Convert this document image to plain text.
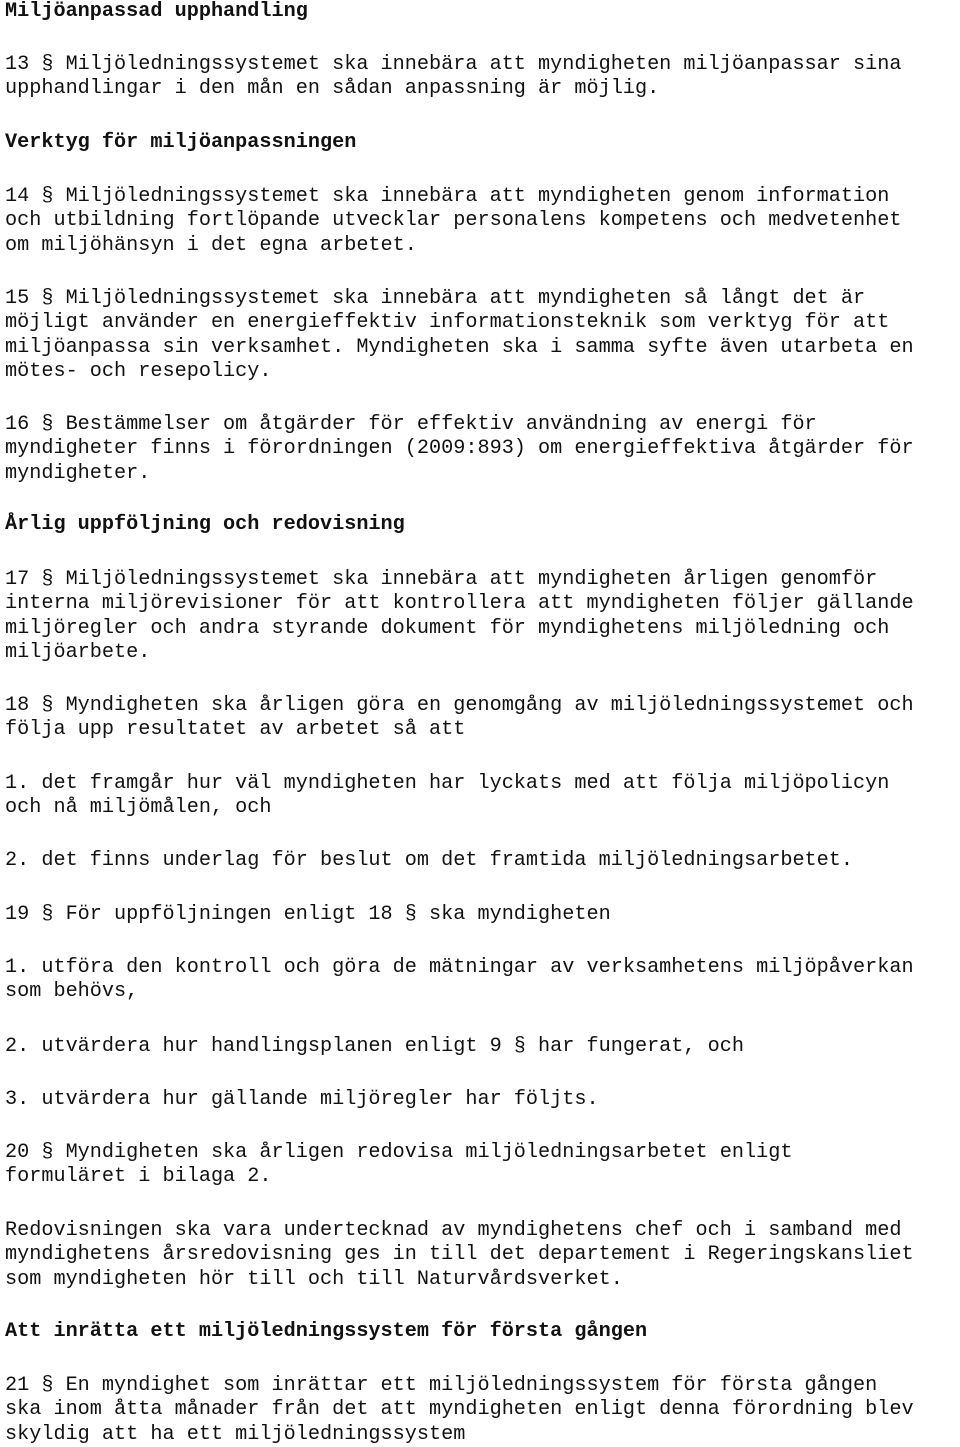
Miljöanpassad upphandling
13 § Miljöledningssystemet ska innebära att myndigheten miljöanpassar sina
upphandlingar i den mån en sådan anpassning är möjlig.
Verktyg för miljöanpassningen
14 § Miljöledningssystemet ska innebära att myndigheten genom information
och utbildning fortlöpande utvecklar personalens kompetens och medvetenhet
om miljöhänsyn i det egna arbetet.
15 § Miljöledningssystemet ska innebära att myndigheten så långt det är
möjligt använder en energieffektiv informationsteknik som verktyg för att
miljöanpassa sin verksamhet. Myndigheten ska i samma syfte även utarbeta en
mötes- och resepolicy.
16 § Bestämmelser om åtgärder för effektiv användning av energi för
myndigheter finns i förordningen (2009:893) om energieffektiva åtgärder för
myndigheter.
Årlig uppföljning och redovisning
17 § Miljöledningssystemet ska innebära att myndigheten årligen genomför
interna miljörevisioner för att kontrollera att myndigheten följer gällande
miljöregler och andra styrande dokument för myndighetens miljöledning och
miljöarbete.
18 § Myndigheten ska årligen göra en genomgång av miljöledningssystemet och
följa upp resultatet av arbetet så att
1. det framgår hur väl myndigheten har lyckats med att följa miljöpolicyn
och nå miljömålen, och
2. det finns underlag för beslut om det framtida miljöledningsarbetet.
19 § För uppföljningen enligt 18 § ska myndigheten
1. utföra den kontroll och göra de mätningar av verksamhetens miljöpåverkan
som behövs,
2. utvärdera hur handlingsplanen enligt 9 § har fungerat, och
3. utvärdera hur gällande miljöregler har följts.
20 § Myndigheten ska årligen redovisa miljöledningsarbetet enligt
formuläret i bilaga 2.
Redovisningen ska vara undertecknad av myndighetens chef och i samband med
myndighetens årsredovisning ges in till det departement i Regeringskansliet
som myndigheten hör till och till Naturvårdsverket.
Att inrätta ett miljöledningssystem för första gången
21 § En myndighet som inrättar ett miljöledningssystem för första gången
ska inom åtta månader från det att myndigheten enligt denna förordning blev
skyldig att ha ett miljöledningssystem
